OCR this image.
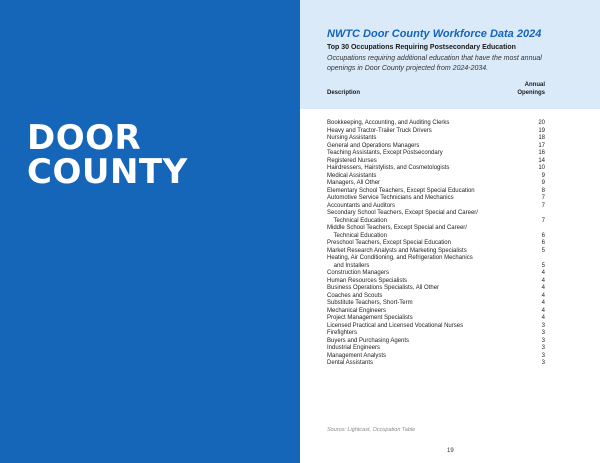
DOOR
COUNTY
NWTC Door County Workforce Data 2024
Top 30 Occupations Requiring Postsecondary Education
Occupations requiring additional education that have the most annual openings in Door County projected from 2024-2034.
Description
Annual
Openings
Bookkeeping, Accounting, and Auditing Clerks	20
Heavy and Tractor-Trailer Truck Drivers	19
Nursing Assistants	18
General and Operations Managers	17
Teaching Assistants, Except Postsecondary	16
Registered Nurses	14
Hairdressers, Hairstylists, and Cosmetologists	10
Medical Assistants	9
Managers, All Other	9
Elementary School Teachers, Except Special Education	8
Automotive Service Technicians and Mechanics	7
Accountants and Auditors	7
Secondary School Teachers, Except Special and Career/
Technical Education	7
Middle School Teachers, Except Special and Career/
Technical Education	6
Preschool Teachers, Except Special Education	6
Market Research Analysts and Marketing Specialists	5
Heating, Air Conditioning, and Refrigeration Mechanics
and Installers	5
Construction Managers	4
Human Resources Specialists	4
Business Operations Specialists, All Other	4
Coaches and Scouts	4
Substitute Teachers, Short-Term	4
Mechanical Engineers	4
Project Management Specialists	4
Licensed Practical and Licensed Vocational Nurses	3
Firefighters	3
Buyers and Purchasing Agents	3
Industrial Engineers	3
Management Analysts	3
Dental Assistants	3
Source: Lightcast, Occupation Table
19
